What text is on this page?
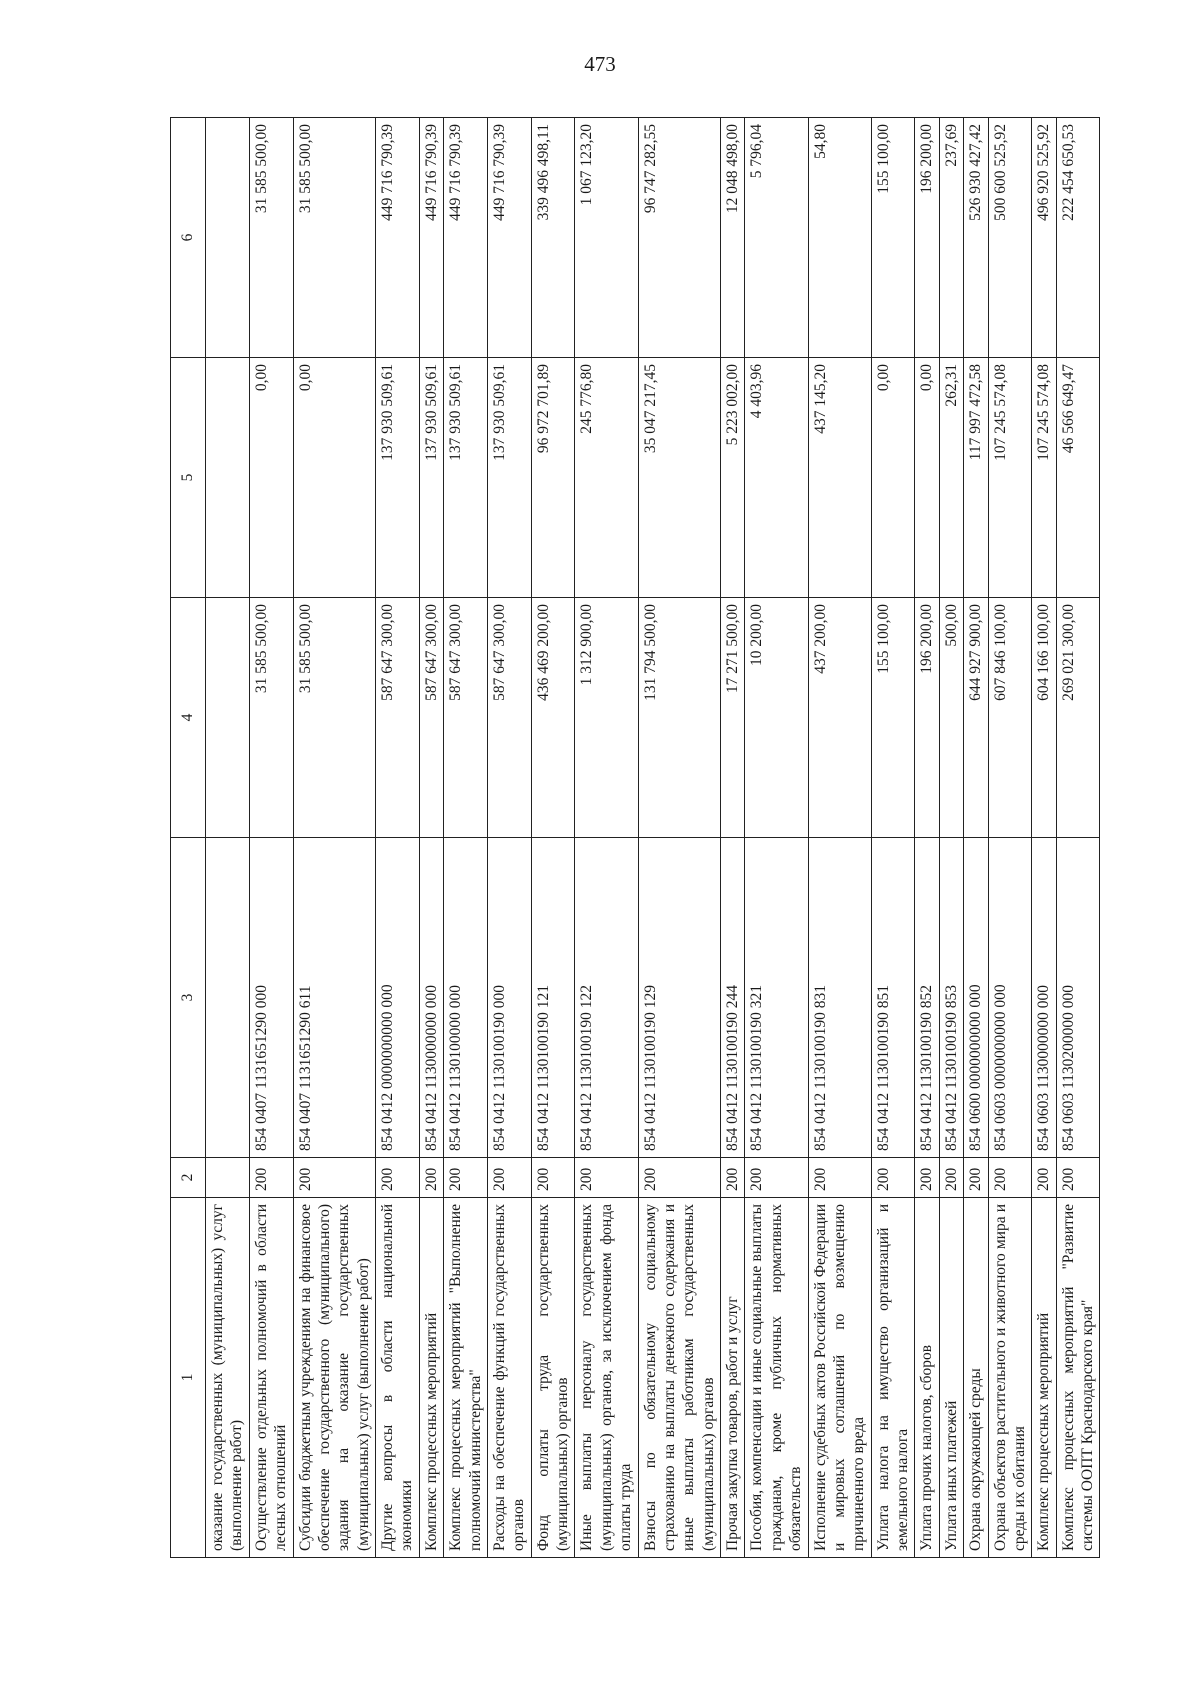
473
1	2	3	4	5	6
оказание государственных (муниципальных) услуг (выполнение работ)					
Осуществление отдельных полномочий в области лесных отношений	200	854 0407 1131651290 000	31 585 500,00	0,00	31 585 500,00
Субсидии бюджетным учреждениям на финансовое обеспечение государственного (муниципального) задания на оказание государственных (муниципальных) услуг (выполнение работ)	200	854 0407 1131651290 611	31 585 500,00	0,00	31 585 500,00
Другие вопросы в области национальной экономики	200	854 0412 0000000000 000	587 647 300,00	137 930 509,61	449 716 790,39
Комплекс процессных мероприятий	200	854 0412 1130000000 000	587 647 300,00	137 930 509,61	449 716 790,39
Комплекс процессных мероприятий "Выполнение полномочий министерства"	200	854 0412 1130100000 000	587 647 300,00	137 930 509,61	449 716 790,39
Расходы на обеспечение функций государственных органов	200	854 0412 1130100190 000	587 647 300,00	137 930 509,61	449 716 790,39
Фонд оплаты труда государственных (муниципальных) органов	200	854 0412 1130100190 121	436 469 200,00	96 972 701,89	339 496 498,11
Иные выплаты персоналу государственных (муниципальных) органов, за исключением фонда оплаты труда	200	854 0412 1130100190 122	1 312 900,00	245 776,80	1 067 123,20
Взносы по обязательному социальному страхованию на выплаты денежного содержания и иные выплаты работникам государственных (муниципальных) органов	200	854 0412 1130100190 129	131 794 500,00	35 047 217,45	96 747 282,55
Прочая закупка товаров, работ и услуг	200	854 0412 1130100190 244	17 271 500,00	5 223 002,00	12 048 498,00
Пособия, компенсации и иные социальные выплаты гражданам, кроме публичных нормативных обязательств	200	854 0412 1130100190 321	10 200,00	4 403,96	5 796,04
Исполнение судебных актов Российской Федерации и мировых соглашений по возмещению причиненного вреда	200	854 0412 1130100190 831	437 200,00	437 145,20	54,80
Уплата налога на имущество организаций и земельного налога	200	854 0412 1130100190 851	155 100,00	0,00	155 100,00
Уплата прочих налогов, сборов	200	854 0412 1130100190 852	196 200,00	0,00	196 200,00
Уплата иных платежей	200	854 0412 1130100190 853	500,00	262,31	237,69
Охрана окружающей среды	200	854 0600 0000000000 000	644 927 900,00	117 997 472,58	526 930 427,42
Охрана объектов растительного и животного мира и среды их обитания	200	854 0603 0000000000 000	607 846 100,00	107 245 574,08	500 600 525,92
Комплекс процессных мероприятий	200	854 0603 1130000000 000	604 166 100,00	107 245 574,08	496 920 525,92
Комплекс процессных мероприятий "Развитие системы ООПТ Краснодарского края"	200	854 0603 1130200000 000	269 021 300,00	46 566 649,47	222 454 650,53
